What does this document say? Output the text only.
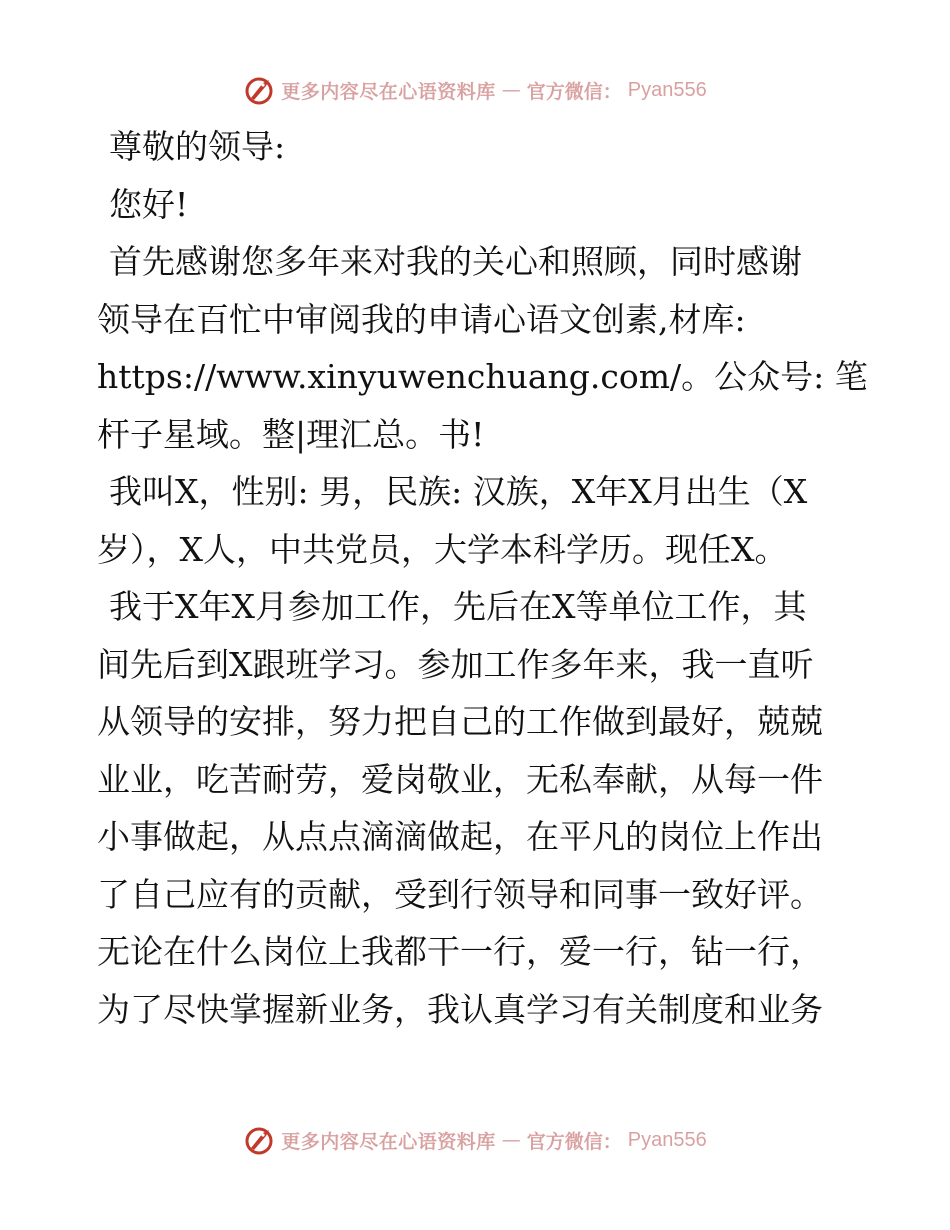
更多内容尽在心语资料库 — 官方微信： Pyan556
尊敬的领导:
您好!
首先感谢您多年来对我的关心和照顾，同时感谢
领导在百忙中审阅我的申请心语文创素,材库:
https://www.xinyuwenchuang.com/。公众号: 笔
杆子星域。整|理汇总。书!
我叫X，性别: 男，民族: 汉族，X年X月出生（X
岁），X人，中共党员，大学本科学历。现任X。
我于X年X月参加工作，先后在X等单位工作，其
间先后到X跟班学习。参加工作多年来，我一直听
从领导的安排，努力把自己的工作做到最好，兢兢
业业，吃苦耐劳，爱岗敬业，无私奉献，从每一件
小事做起，从点点滴滴做起，在平凡的岗位上作出
了自己应有的贡献，受到行领导和同事一致好评。
无论在什么岗位上我都干一行，爱一行，钻一行，
为了尽快掌握新业务，我认真学习有关制度和业务
更多内容尽在心语资料库 — 官方微信： Pyan556
